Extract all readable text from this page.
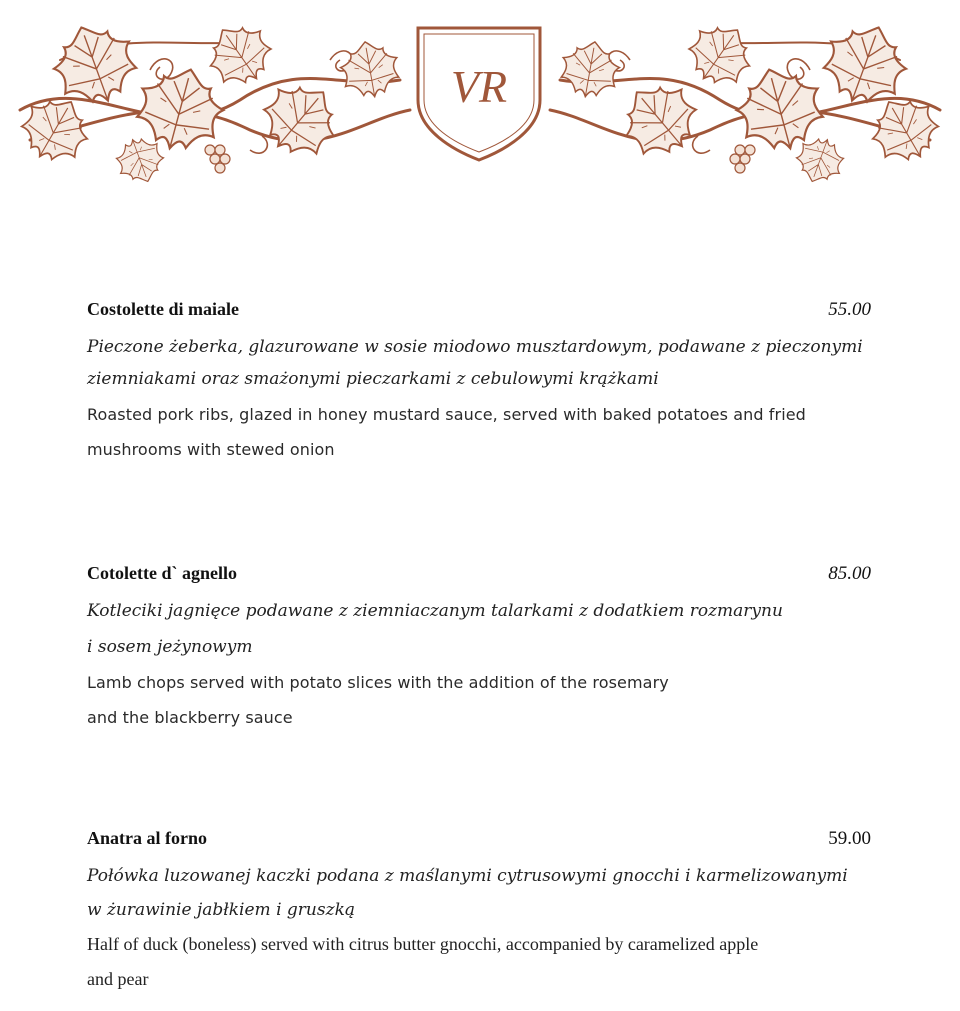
VR
Costolette di maiale	55.00
Pieczone żeberka, glazurowane w sosie miodowo musztardowym, podawane z pieczonymi
ziemniakami oraz smażonymi pieczarkami z cebulowymi krążkami
Roasted pork ribs, glazed in honey mustard sauce, served with baked potatoes and fried
mushrooms with stewed onion
Cotolette d` agnello	85.00
Kotleciki jagnięce podawane z ziemniaczanym talarkami z dodatkiem rozmarynu
i sosem jeżynowym
Lamb chops served with potato slices with the addition of the rosemary
and the blackberry sauce
Anatra al forno	59.00
Połówka luzowanej kaczki podana z maślanymi cytrusowymi gnocchi i karmelizowanymi
w żurawinie jabłkiem i gruszką
Half of duck (boneless) served with citrus butter gnocchi, accompanied by caramelized apple
and pear
